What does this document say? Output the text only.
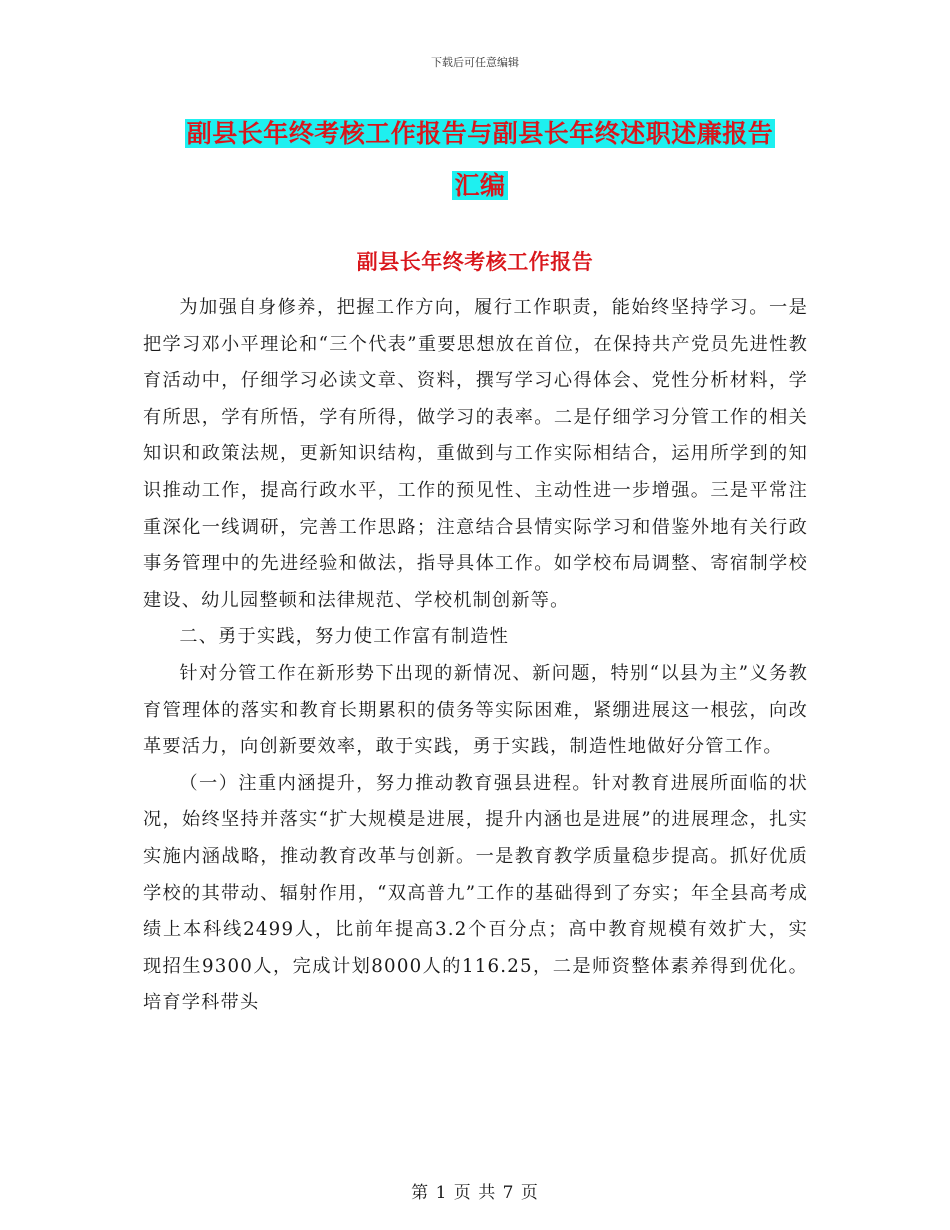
下载后可任意编辑
副县长年终考核工作报告与副县长年终述职述廉报告
汇编
副县长年终考核工作报告

为加强自身修养，把握工作方向，履行工作职责，能始终坚持学习。一是把学习邓小平理论和“三个代表”重要思想放在首位，在保持共产党员先进性教育活动中，仔细学习必读文章、资料，撰写学习心得体会、党性分析材料，学有所思，学有所悟，学有所得，做学习的表率。二是仔细学习分管工作的相关知识和政策法规，更新知识结构，重做到与工作实际相结合，运用所学到的知识推动工作，提高行政水平，工作的预见性、主动性进一步增强。三是平常注重深化一线调研，完善工作思路；注意结合县情实际学习和借鉴外地有关行政事务管理中的先进经验和做法，指导具体工作。如学校布局调整、寄宿制学校建设、幼儿园整顿和法律规范、学校机制创新等。

二、勇于实践，努力使工作富有制造性

针对分管工作在新形势下出现的新情况、新问题，特别“以县为主”义务教育管理体的落实和教育长期累积的债务等实际困难，紧绷进展这一根弦，向改革要活力，向创新要效率，敢于实践，勇于实践，制造性地做好分管工作。

（一）注重内涵提升，努力推动教育强县进程。针对教育进展所面临的状况，始终坚持并落实“扩大规模是进展，提升内涵也是进展”的进展理念，扎实实施内涵战略，推动教育改革与创新。一是教育教学质量稳步提高。抓好优质学校的其带动、辐射作用，“双高普九”工作的基础得到了夯实；年全县高考成绩上本科线2499人，比前年提高3.2个百分点；高中教育规模有效扩大，实现招生9300人，完成计划8000人的116.25，二是师资整体素养得到优化。培育学科带头

第 1 页 共 7 页
